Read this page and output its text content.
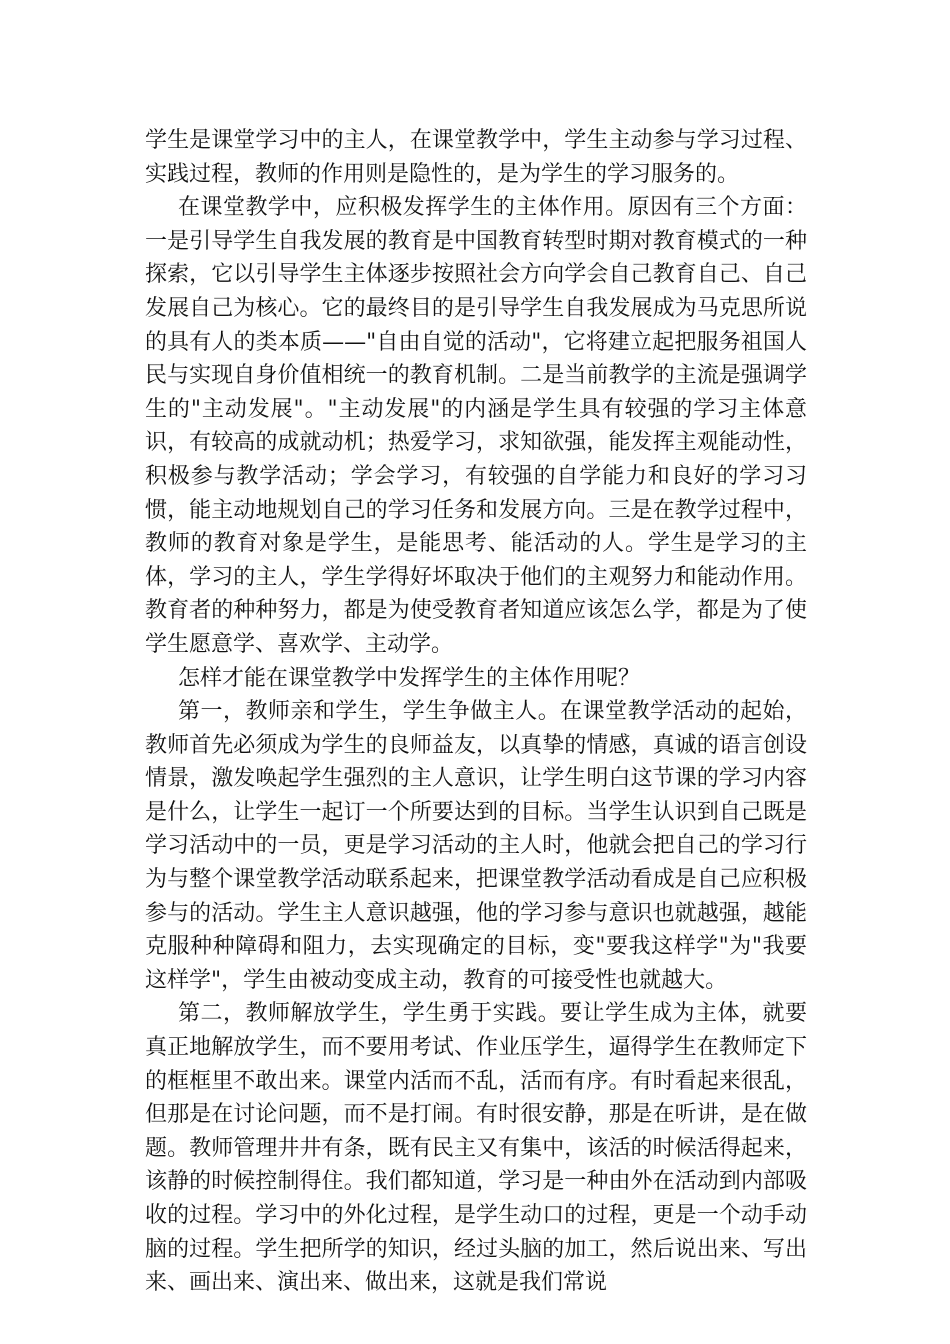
学生是课堂学习中的主人，在课堂教学中，学生主动参与学习过程、实践过程，教师的作用则是隐性的，是为学生的学习服务的。

在课堂教学中，应积极发挥学生的主体作用。原因有三个方面：一是引导学生自我发展的教育是中国教育转型时期对教育模式的一种探索，它以引导学生主体逐步按照社会方向学会自己教育自己、自己发展自己为核心。它的最终目的是引导学生自我发展成为马克思所说的具有人的类本质——"自由自觉的活动"，它将建立起把服务祖国人民与实现自身价值相统一的教育机制。二是当前教学的主流是强调学生的"主动发展"。"主动发展"的内涵是学生具有较强的学习主体意识，有较高的成就动机；热爱学习，求知欲强，能发挥主观能动性，积极参与教学活动；学会学习，有较强的自学能力和良好的学习习惯，能主动地规划自己的学习任务和发展方向。三是在教学过程中，教师的教育对象是学生，是能思考、能活动的人。学生是学习的主体，学习的主人，学生学得好坏取决于他们的主观努力和能动作用。教育者的种种努力，都是为使受教育者知道应该怎么学，都是为了使学生愿意学、喜欢学、主动学。

怎样才能在课堂教学中发挥学生的主体作用呢？

第一，教师亲和学生，学生争做主人。在课堂教学活动的起始，教师首先必须成为学生的良师益友，以真挚的情感，真诚的语言创设情景，激发唤起学生强烈的主人意识，让学生明白这节课的学习内容是什么，让学生一起订一个所要达到的目标。当学生认识到自己既是学习活动中的一员，更是学习活动的主人时，他就会把自己的学习行为与整个课堂教学活动联系起来，把课堂教学活动看成是自己应积极参与的活动。学生主人意识越强，他的学习参与意识也就越强，越能克服种种障碍和阻力，去实现确定的目标，变"要我这样学"为"我要这样学"，学生由被动变成主动，教育的可接受性也就越大。

第二，教师解放学生，学生勇于实践。要让学生成为主体，就要真正地解放学生，而不要用考试、作业压学生，逼得学生在教师定下的框框里不敢出来。课堂内活而不乱，活而有序。有时看起来很乱，但那是在讨论问题，而不是打闹。有时很安静，那是在听讲，是在做题。教师管理井井有条，既有民主又有集中，该活的时候活得起来，该静的时候控制得住。我们都知道，学习是一种由外在活动到内部吸收的过程。学习中的外化过程，是学生动口的过程，更是一个动手动脑的过程。学生把所学的知识，经过头脑的加工，然后说出来、写出来、画出来、演出来、做出来，这就是我们常说
